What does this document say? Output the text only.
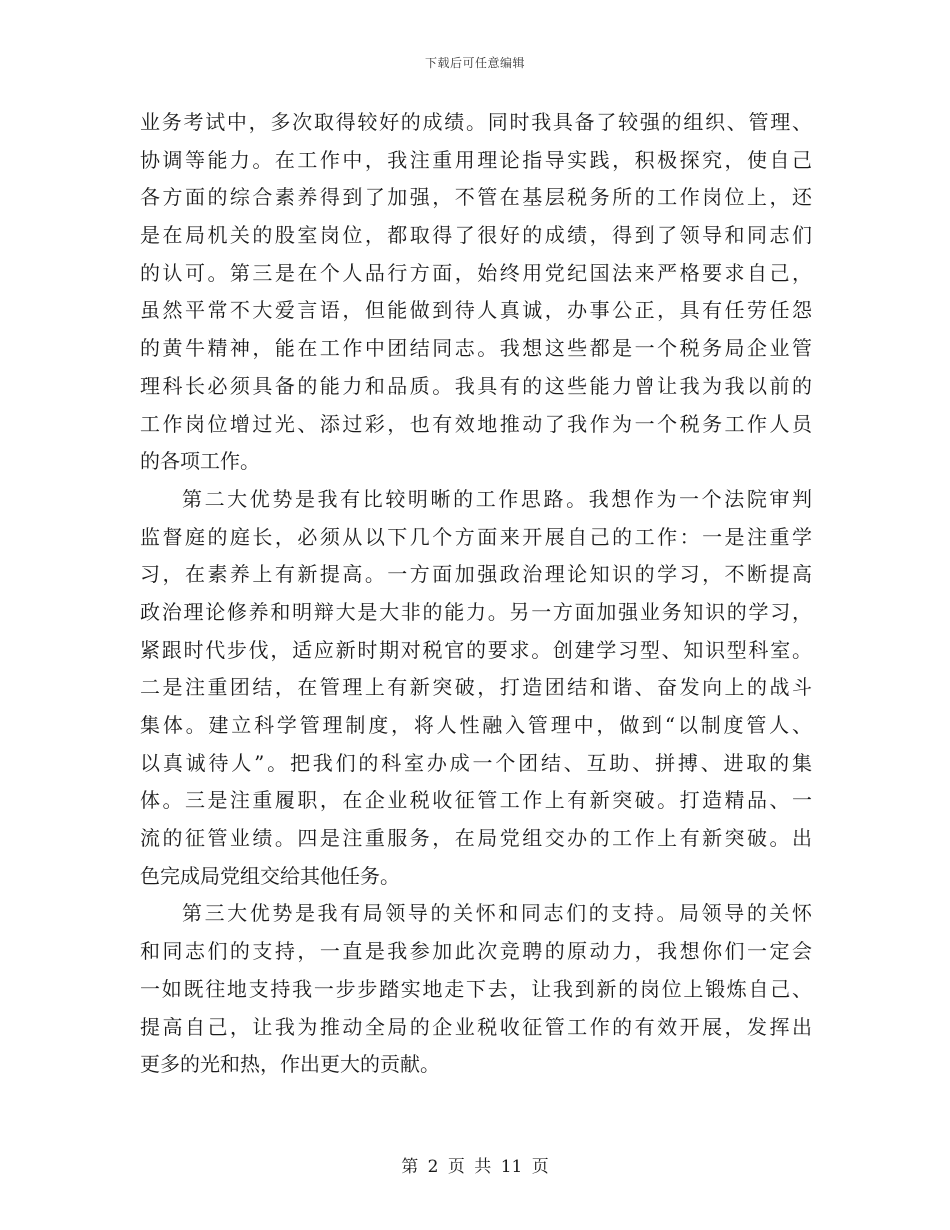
下载后可任意编辑
业务考试中，多次取得较好的成绩。同时我具备了较强的组织、管理、
协调等能力。在工作中，我注重用理论指导实践，积极探究，使自己
各方面的综合素养得到了加强，不管在基层税务所的工作岗位上，还
是在局机关的股室岗位，都取得了很好的成绩，得到了领导和同志们
的认可。第三是在个人品行方面，始终用党纪国法来严格要求自己，
虽然平常不大爱言语，但能做到待人真诚，办事公正，具有任劳任怨
的黄牛精神，能在工作中团结同志。我想这些都是一个税务局企业管
理科长必须具备的能力和品质。我具有的这些能力曾让我为我以前的
工作岗位增过光、添过彩，也有效地推动了我作为一个税务工作人员
的各项工作。
第二大优势是我有比较明晰的工作思路。我想作为一个法院审判
监督庭的庭长，必须从以下几个方面来开展自己的工作：一是注重学
习，在素养上有新提高。一方面加强政治理论知识的学习，不断提高
政治理论修养和明辩大是大非的能力。另一方面加强业务知识的学习，
紧跟时代步伐，适应新时期对税官的要求。创建学习型、知识型科室。
二是注重团结，在管理上有新突破，打造团结和谐、奋发向上的战斗
集体。建立科学管理制度，将人性融入管理中，做到“以制度管人、
以真诚待人”。把我们的科室办成一个团结、互助、拼搏、进取的集
体。三是注重履职，在企业税收征管工作上有新突破。打造精品、一
流的征管业绩。四是注重服务，在局党组交办的工作上有新突破。出
色完成局党组交给其他任务。
第三大优势是我有局领导的关怀和同志们的支持。局领导的关怀
和同志们的支持，一直是我参加此次竞聘的原动力，我想你们一定会
一如既往地支持我一步步踏实地走下去，让我到新的岗位上锻炼自己、
提高自己，让我为推动全局的企业税收征管工作的有效开展，发挥出
更多的光和热，作出更大的贡献。
第 2 页 共 11 页
